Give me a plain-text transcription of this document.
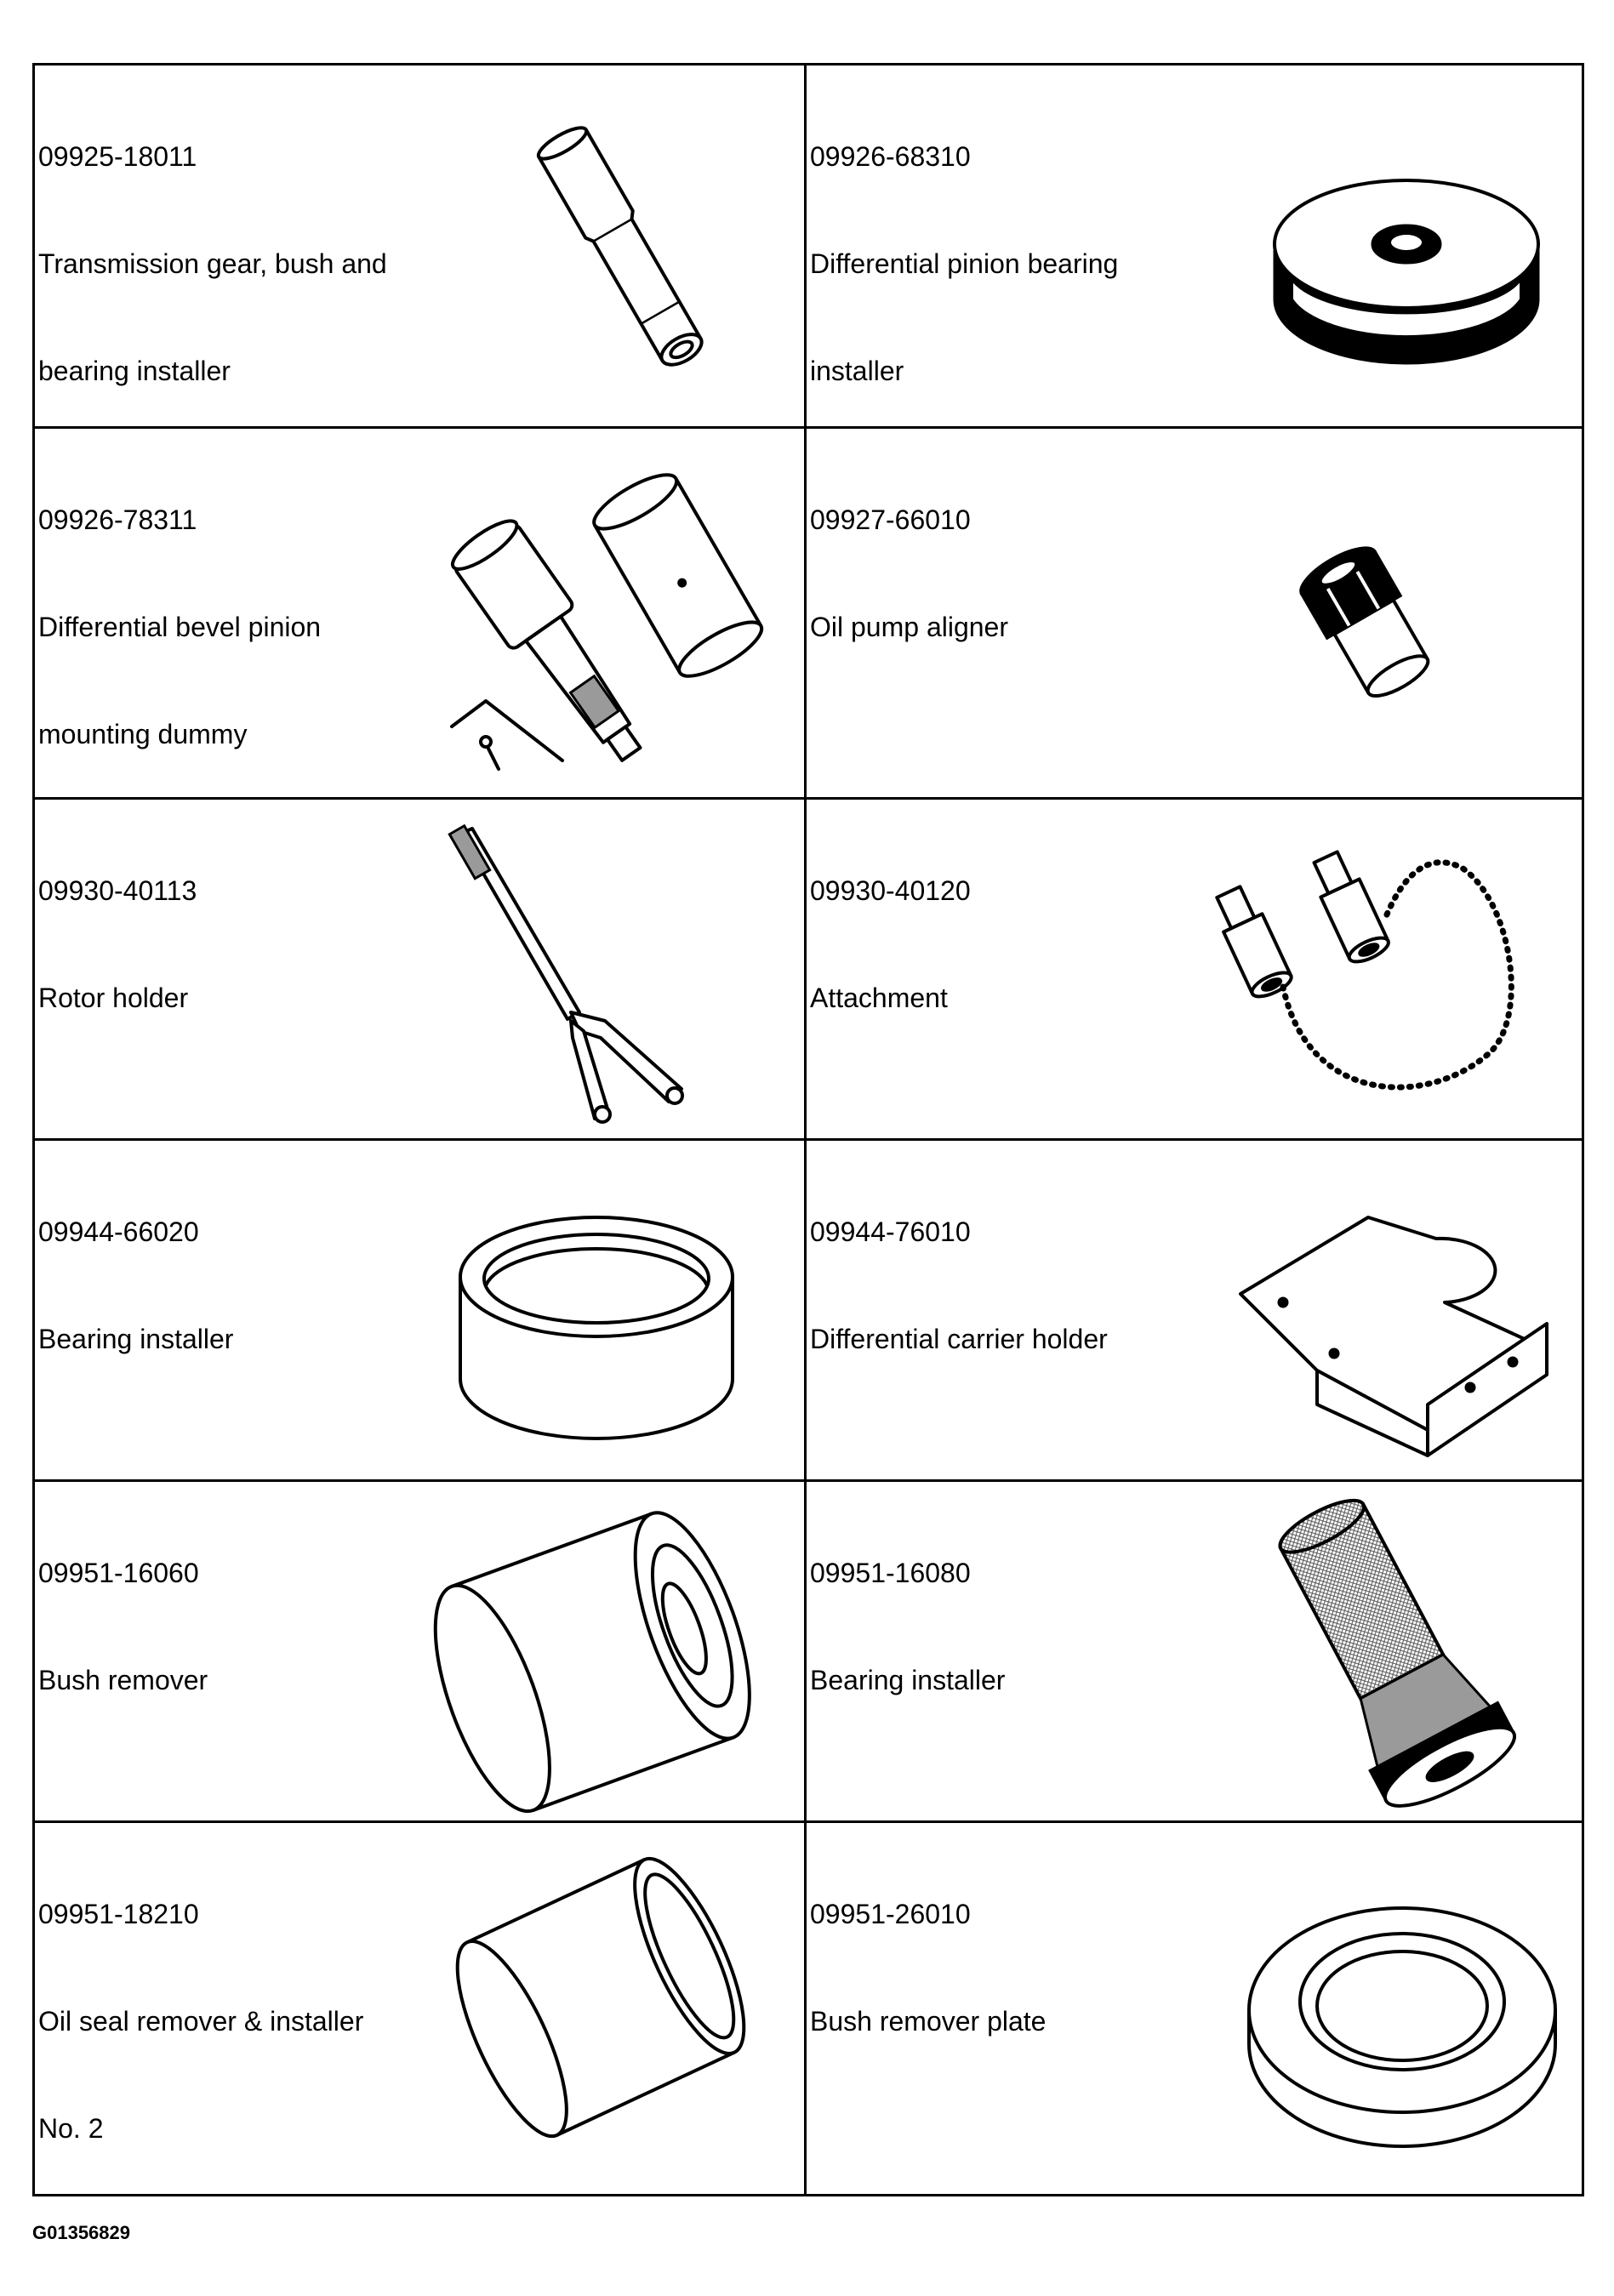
09925-18011

Transmission gear, bush and

bearing installer

09926-68310

Differential pinion bearing

installer

09926-78311

Differential bevel pinion

mounting dummy

09927-66010

Oil pump aligner

09930-40113

Rotor holder

09930-40120

Attachment

09944-66020

Bearing installer

09944-76010

Differential carrier holder

09951-16060

Bush remover

09951-16080

Bearing installer

09951-18210

Oil seal remover & installer

No. 2

09951-26010

Bush remover plate

G01356829
